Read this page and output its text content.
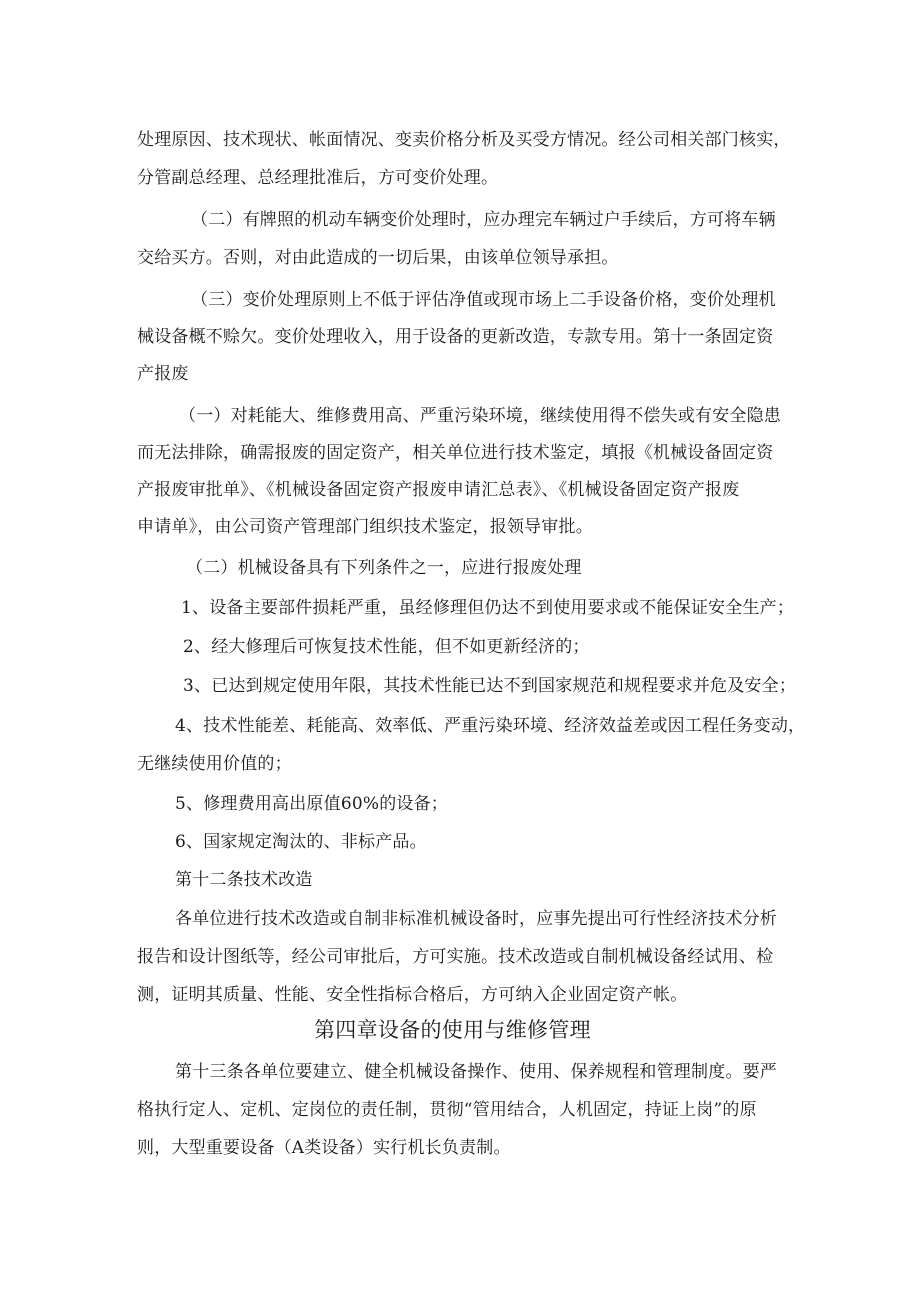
处理原因、技术现状、帐面情况、变卖价格分析及买受方情况。经公司相关部门核实，
分管副总经理、总经理批准后，方可变价处理。
（二）有牌照的机动车辆变价处理时，应办理完车辆过户手续后，方可将车辆
交给买方。否则，对由此造成的一切后果，由该单位领导承担。
（三）变价处理原则上不低于评估净值或现市场上二手设备价格，变价处理机
械设备概不赊欠。变价处理收入，用于设备的更新改造，专款专用。第十一条固定资
产报废
（一）对耗能大、维修费用高、严重污染环境，继续使用得不偿失或有安全隐患
而无法排除，确需报废的固定资产，相关单位进行技术鉴定，填报《机械设备固定资
产报废审批单》、《机械设备固定资产报废申请汇总表》、《机械设备固定资产报废
申请单》，由公司资产管理部门组织技术鉴定，报领导审批。
（二）机械设备具有下列条件之一，应进行报废处理
1、设备主要部件损耗严重，虽经修理但仍达不到使用要求或不能保证安全生产；
2、经大修理后可恢复技术性能，但不如更新经济的；
3、已达到规定使用年限，其技术性能已达不到国家规范和规程要求并危及安全；
4、技术性能差、耗能高、效率低、严重污染环境、经济效益差或因工程任务变动，
无继续使用价值的；
5、修理费用高出原值60%的设备；
6、国家规定淘汰的、非标产品。
第十二条技术改造
各单位进行技术改造或自制非标准机械设备时，应事先提出可行性经济技术分析
报告和设计图纸等，经公司审批后，方可实施。技术改造或自制机械设备经试用、检
测，证明其质量、性能、安全性指标合格后，方可纳入企业固定资产帐。
第四章设备的使用与维修管理
第十三条各单位要建立、健全机械设备操作、使用、保养规程和管理制度。要严
格执行定人、定机、定岗位的责任制，贯彻“管用结合，人机固定，持证上岗”的原
则，大型重要设备（A类设备）实行机长负责制。
